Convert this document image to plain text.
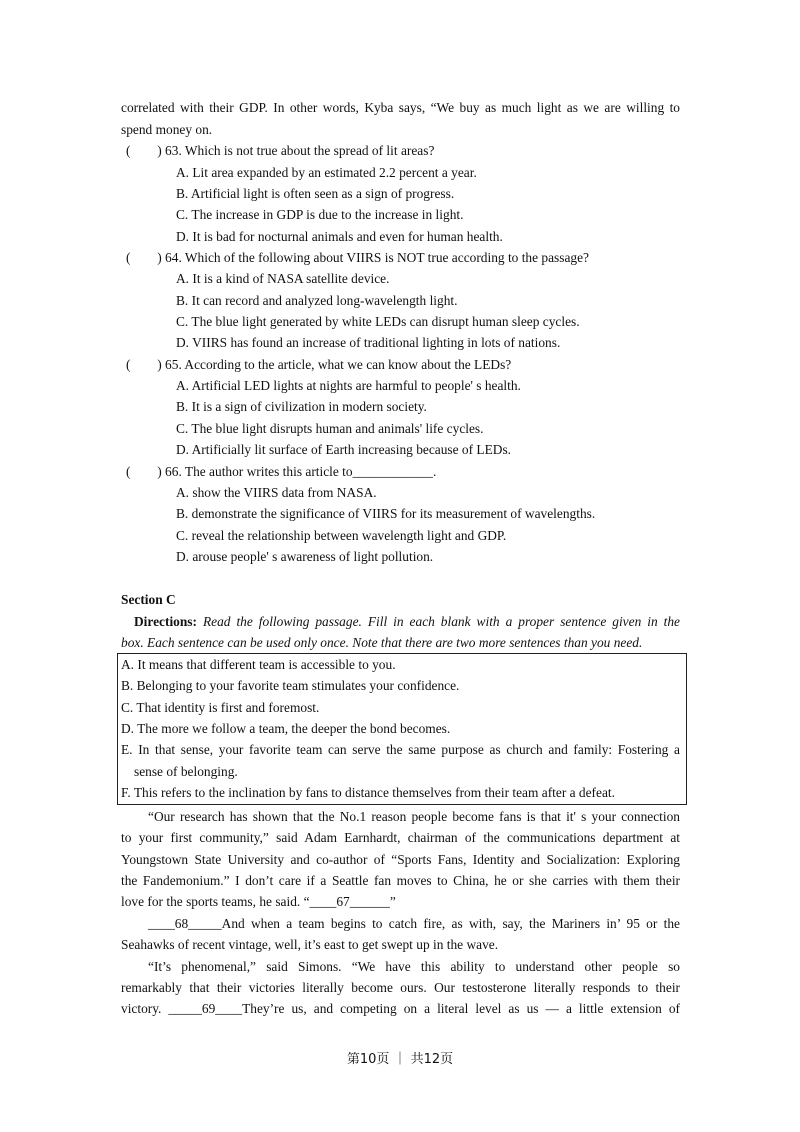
correlated with their GDP. In other words, Kyba says, “We buy as much light as we are willing to
spend money on.
(　　) 63. Which is not true about the spread of lit areas?
A. Lit area expanded by an estimated 2.2 percent a year.
B. Artificial light is often seen as a sign of progress.
C. The increase in GDP is due to the increase in light.
D. It is bad for nocturnal animals and even for human health.
(　　) 64. Which of the following about VIIRS is NOT true according to the passage?
A. It is a kind of NASA satellite device.
B. It can record and analyzed long-wavelength light.
C. The blue light generated by white LEDs can disrupt human sleep cycles.
D. VIIRS has found an increase of traditional lighting in lots of nations.
(　　) 65. According to the article, what we can know about the LEDs?
A. Artificial LED lights at nights are harmful to people' s health.
B. It is a sign of civilization in modern society.
C. The blue light disrupts human and animals' life cycles.
D. Artificially lit surface of Earth increasing because of LEDs.
(　　) 66. The author writes this article to____________.
A. show the VIIRS data from NASA.
B. demonstrate the significance of VIIRS for its measurement of wavelengths.
C. reveal the relationship between wavelength light and GDP.
D. arouse people' s awareness of light pollution.
Section C
Directions: Read the following passage. Fill in each blank with a proper sentence given in the
box. Each sentence can be used only once. Note that there are two more sentences than you need.
A. It means that different team is accessible to you.
B. Belonging to your favorite team stimulates your confidence.
C. That identity is first and foremost.
D. The more we follow a team, the deeper the bond becomes.
E. In that sense, your favorite team can serve the same purpose as church and family: Fostering a
sense of belonging.
F. This refers to the inclination by fans to distance themselves from their team after a defeat.
“Our research has shown that the No.1 reason people become fans is that it' s your connection
to your first community,” said Adam Earnhardt, chairman of the communications department at
Youngstown State University and co-author of “Sports Fans, Identity and Socialization: Exploring
the Fandemonium.” I don’t care if a Seattle fan moves to China, he or she carries with them their
love for the sports teams, he said. “____67______”
____68_____And when a team begins to catch fire, as with, say, the Mariners in’ 95 or the
Seahawks of recent vintage, well, it’s east to get swept up in the wave.
“It’s phenomenal,” said Simons. “We have this ability to understand other people so
remarkably that their victories literally become ours. Our testosterone literally responds to their
victory. _____69____They’re us, and competing on a literal level as us — a little extension of
第10页 ｜ 共12页
